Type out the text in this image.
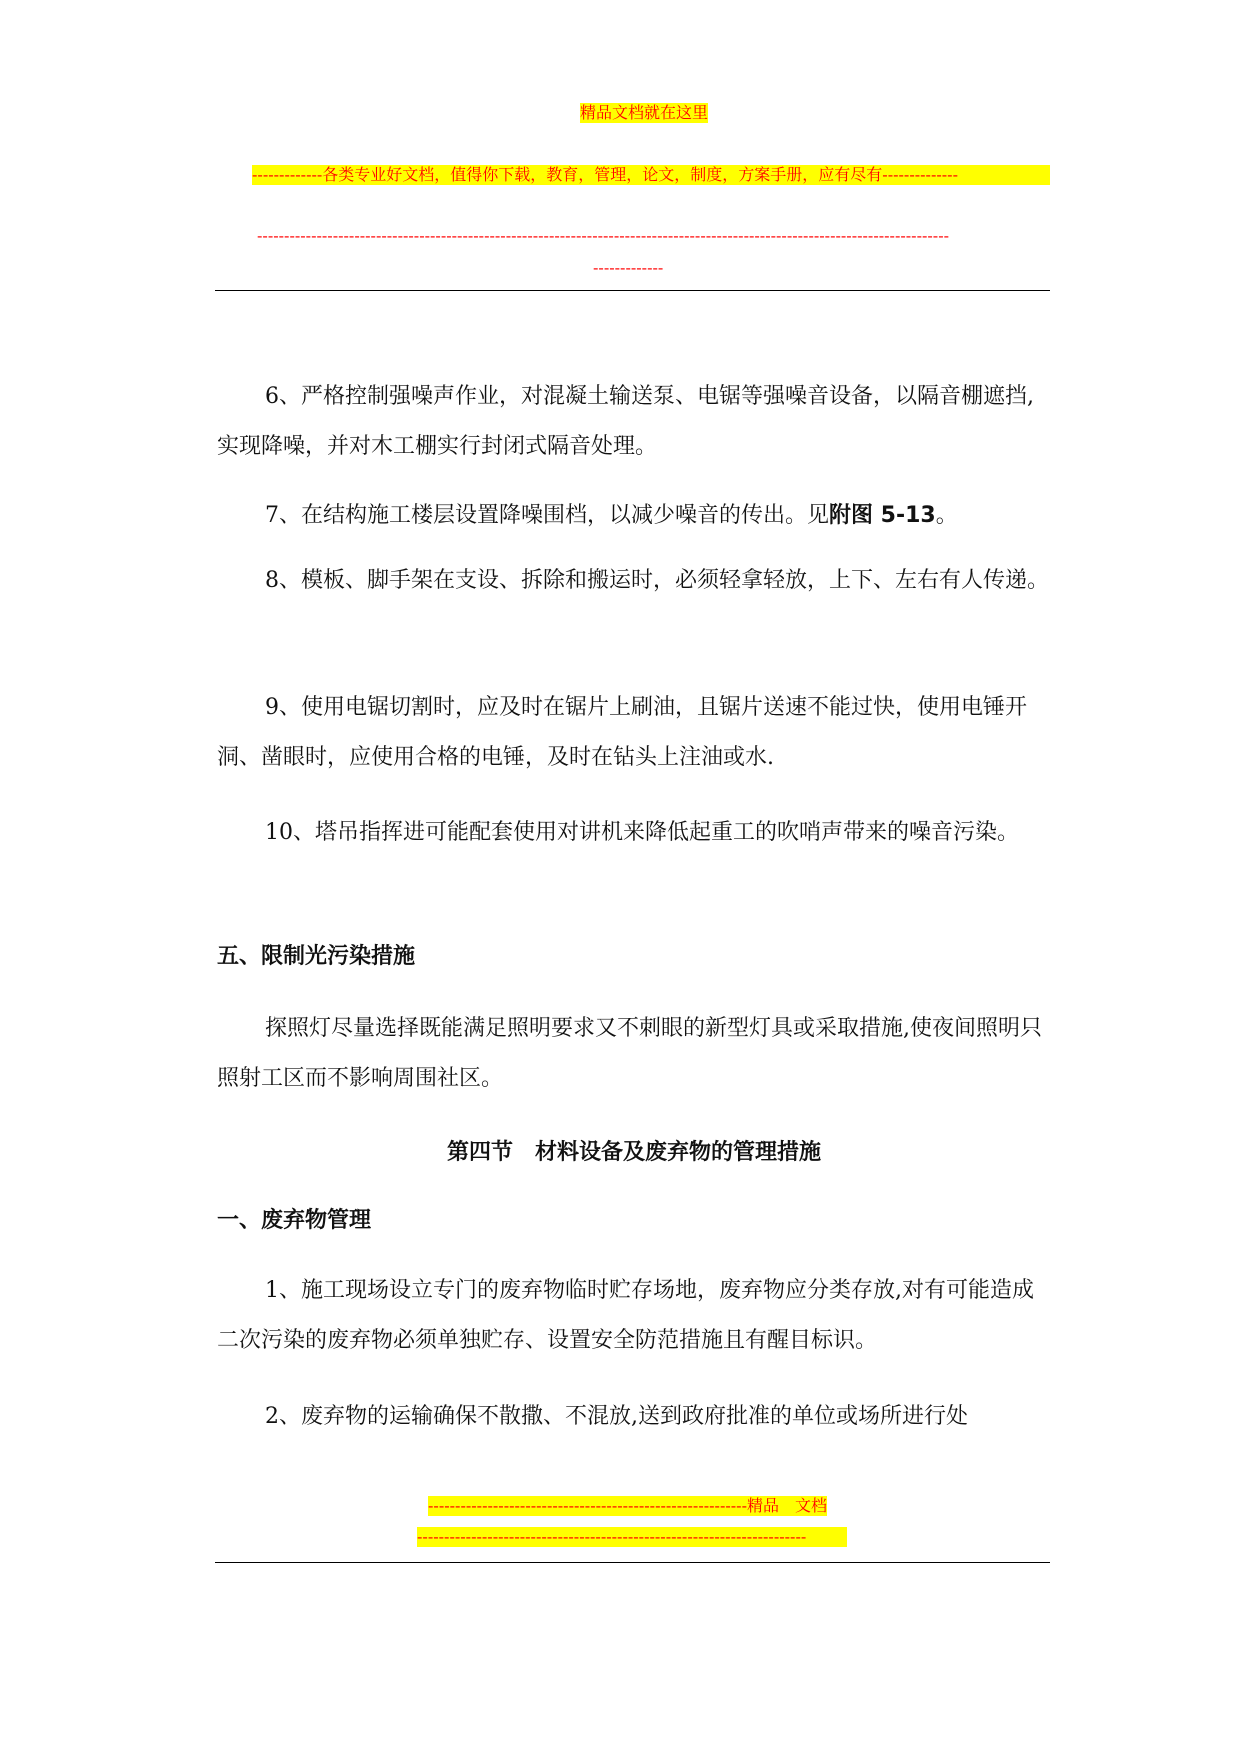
精品文档就在这里
-------------各类专业好文档，值得你下载，教育，管理，论文，制度，方案手册，应有尽有--------------
--------------------------------------------------------------------------------------------------------------------------------
-------------

6、严格控制强噪声作业，对混凝土输送泵、电锯等强噪音设备，以隔音棚遮挡,实现降噪，并对木工棚实行封闭式隔音处理。

7、在结构施工楼层设置降噪围档，以减少噪音的传出。见附图 5-13。

8、模板、脚手架在支设、拆除和搬运时，必须轻拿轻放，上下、左右有人传递。

9、使用电锯切割时，应及时在锯片上刷油，且锯片送速不能过快，使用电锤开洞、凿眼时，应使用合格的电锤，及时在钻头上注油或水.

10、塔吊指挥进可能配套使用对讲机来降低起重工的吹哨声带来的噪音污染。

五、限制光污染措施

探照灯尽量选择既能满足照明要求又不刺眼的新型灯具或采取措施,使夜间照明只照射工区而不影响周围社区。

第四节　材料设备及废弃物的管理措施
一、废弃物管理

1、施工现场设立专门的废弃物临时贮存场地，废弃物应分类存放,对有可能造成二次污染的废弃物必须单独贮存、设置安全防范措施且有醒目标识。

2、废弃物的运输确保不散撒、不混放,送到政府批准的单位或场所进行处

-----------------------------------------------------------精品　文档
------------------------------------------------------------------------
